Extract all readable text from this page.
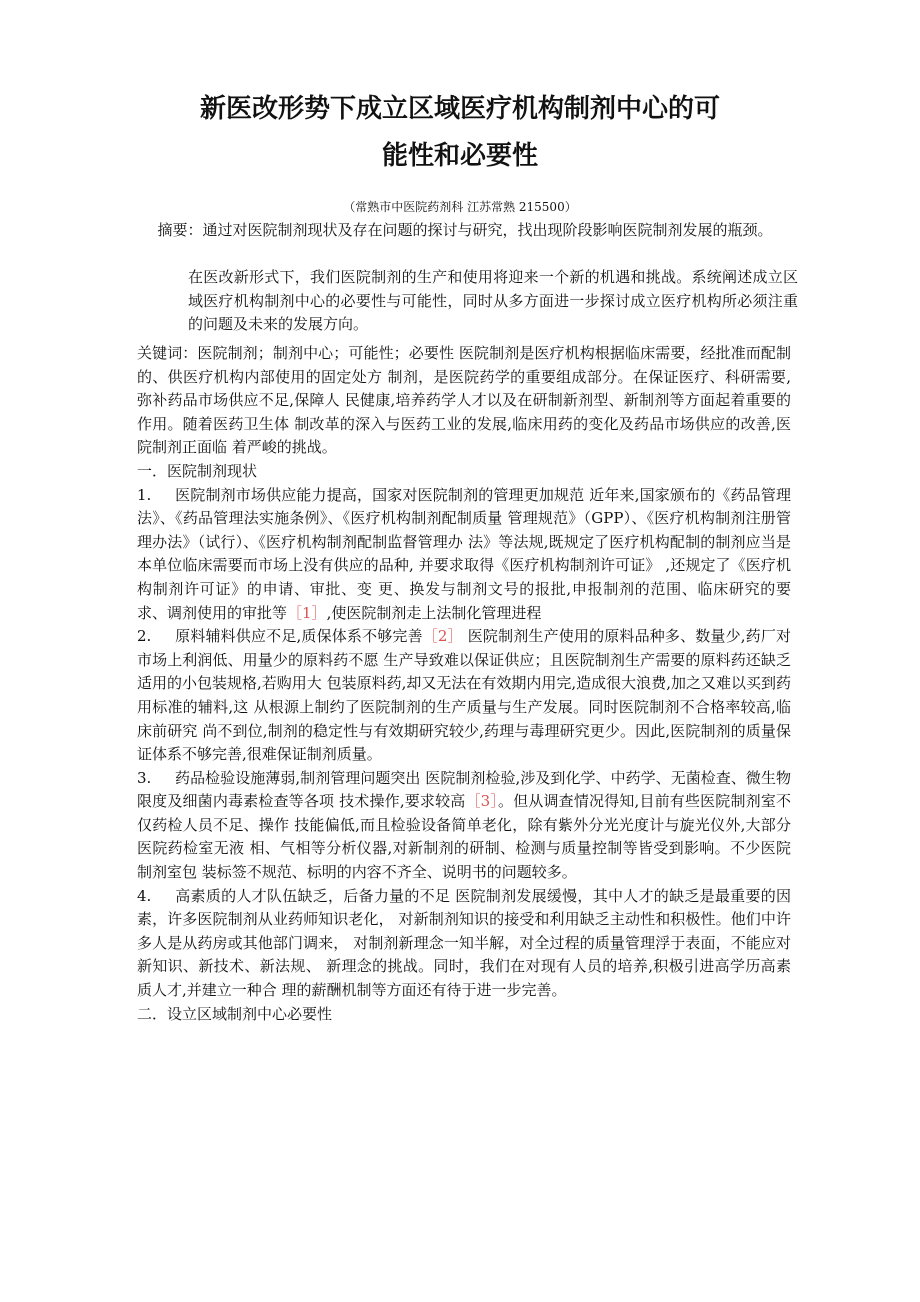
新医改形势下成立区域医疗机构制剂中心的可
能性和必要性
（常熟市中医院药剂科 江苏常熟 215500）

摘要：通过对医院制剂现状及存在问题的探讨与研究，找出现阶段影响医院制剂发展的瓶颈。

在医改新形式下，我们医院制剂的生产和使用将迎来一个新的机遇和挑战。系统阐述成立区域医疗机构制剂中心的必要性与可能性，同时从多方面进一步探讨成立医疗机构所必须注重的问题及未来的发展方向。

关键词：医院制剂；制剂中心；可能性；必要性 医院制剂是医疗机构根据临床需要，经批准而配制的、供医疗机构内部使用的固定处方 制剂，是医院药学的重要组成部分。在保证医疗、科研需要,弥补药品市场供应不足,保障人 民健康,培养药学人才以及在研制新剂型、新制剂等方面起着重要的作用。随着医药卫生体 制改革的深入与医药工业的发展,临床用药的变化及药品市场供应的改善,医院制剂正面临 着严峻的挑战。

一．医院制剂现状

1. 医院制剂市场供应能力提高，国家对医院制剂的管理更加规范 近年来,国家颁布的《药品管理法》、《药品管理法实施条例》、《医疗机构制剂配制质量 管理规范》（GPP）、《医疗机构制剂注册管理办法》（试行）、《医疗机构制剂配制监督管理办 法》等法规,既规定了医疗机构配制的制剂应当是本单位临床需要而市场上没有供应的品种, 并要求取得《医疗机构制剂许可证》 ,还规定了《医疗机构制剂许可证》的申请、审批、变 更、换发与制剂文号的报批,申报制剂的范围、临床研究的要求、调剂使用的审批等［1］,使医院制剂走上法制化管理进程

2. 原料辅料供应不足,质保体系不够完善［2］ 医院制剂生产使用的原料品种多、数量少,药厂对市场上利润低、用量少的原料药不愿 生产导致难以保证供应；且医院制剂生产需要的原料药还缺乏适用的小包装规格,若购用大 包装原料药,却又无法在有效期内用完,造成很大浪费,加之又难以买到药用标准的辅料,这 从根源上制约了医院制剂的生产质量与生产发展。同时医院制剂不合格率较高,临床前研究 尚不到位,制剂的稳定性与有效期研究较少,药理与毒理研究更少。因此,医院制剂的质量保 证体系不够完善,很难保证制剂质量。

3. 药品检验设施薄弱,制剂管理问题突出 医院制剂检验,涉及到化学、中药学、无菌检查、微生物限度及细菌内毒素检查等各项 技术操作,要求较高［3］。但从调查情况得知,目前有些医院制剂室不仅药检人员不足、操作 技能偏低,而且检验设备简单老化，除有紫外分光光度计与旋光仪外,大部分医院药检室无液 相、气相等分析仪器,对新制剂的研制、检测与质量控制等皆受到影响。不少医院制剂室包 装标签不规范、标明的内容不齐全、说明书的问题较多。

4. 高素质的人才队伍缺乏，后备力量的不足 医院制剂发展缓慢，其中人才的缺乏是最重要的因素，许多医院制剂从业药师知识老化， 对新制剂知识的接受和利用缺乏主动性和积极性。他们中许多人是从药房或其他部门调来， 对制剂新理念一知半解，对全过程的质量管理浮于表面，不能应对新知识、新技术、新法规、 新理念的挑战。同时，我们在对现有人员的培养,积极引进高学历高素质人才,并建立一种合 理的薪酬机制等方面还有待于进一步完善。

二．设立区域制剂中心必要性
